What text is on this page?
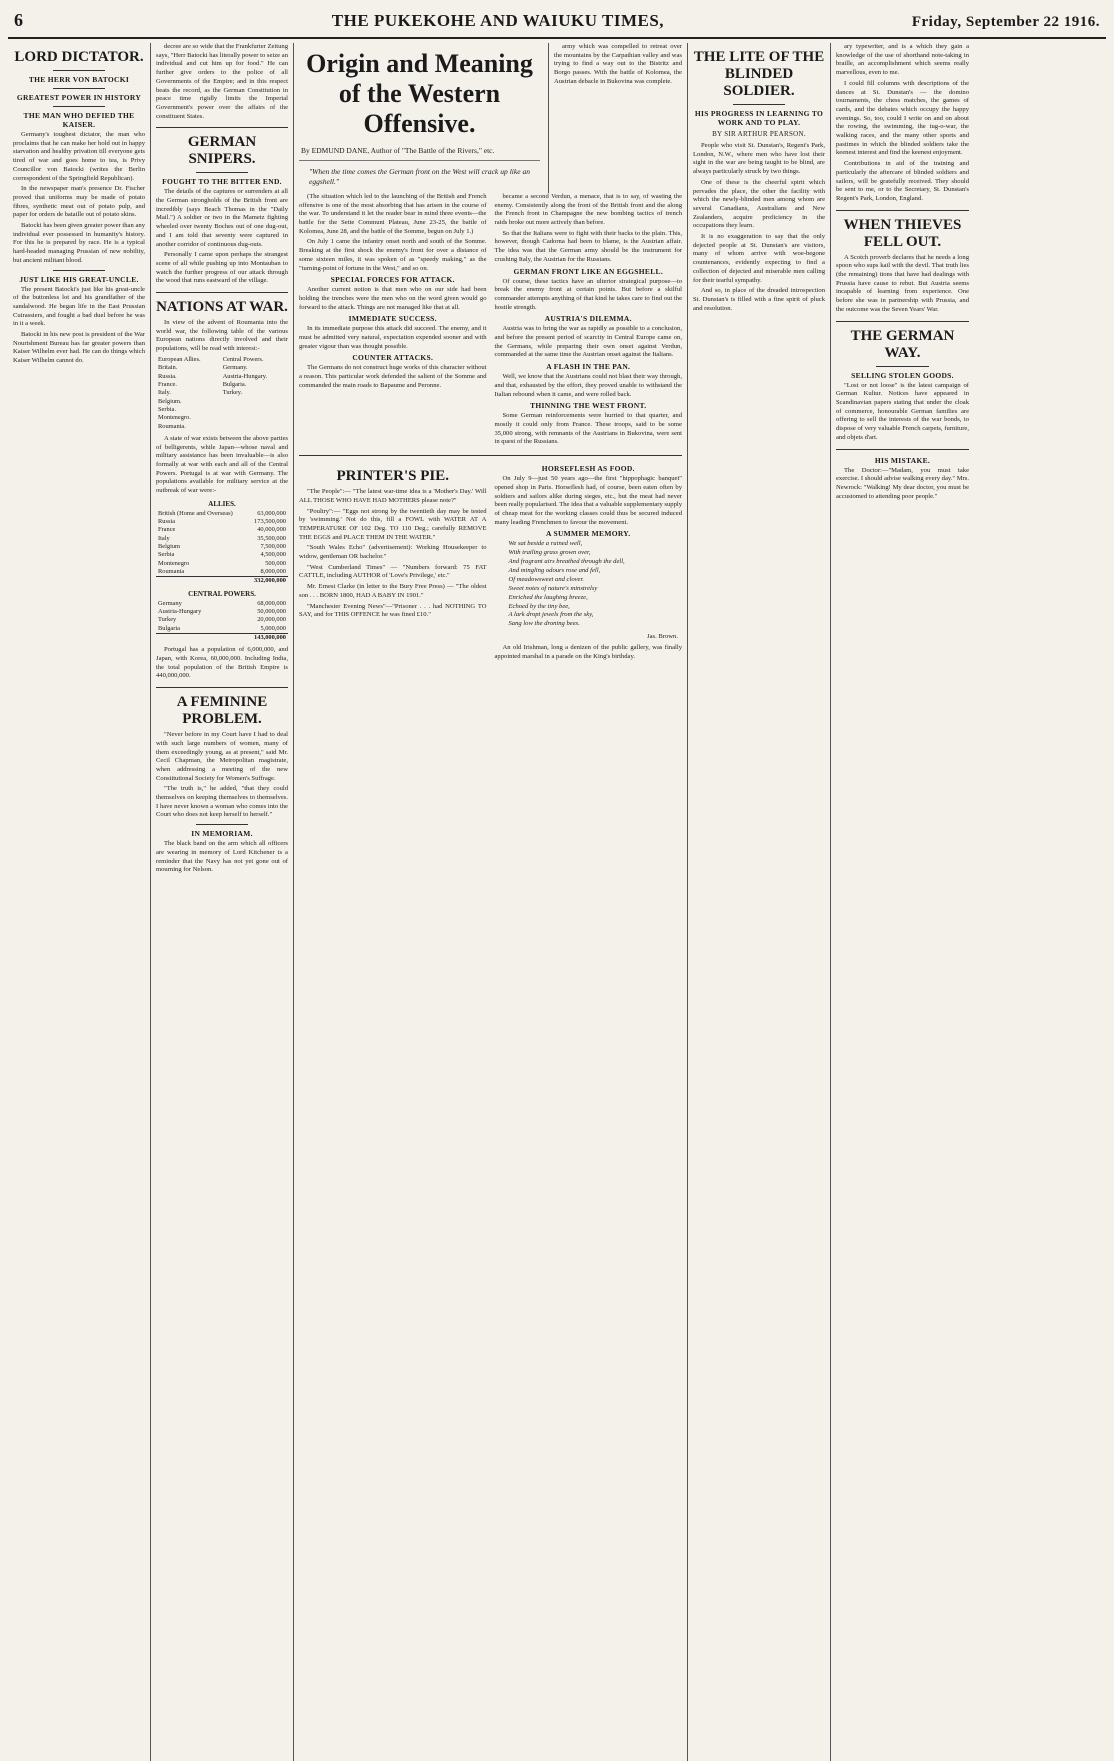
6	THE PUKEKOHE AND WAIUKU TIMES,	Friday, September 22 1916.
LORD DICTATOR.
THE HERR VON BATOCKI
GREATEST POWER IN HISTORY
THE MAN WHO DEFIED THE KAISER.

Germany's toughest dictator, the man who proclaims that he can make her hold out in happy starvation and healthy privation till everyone gets tired of war and goes home to tea, is Privy Councillor von Batocki (writes the Berlin correspondent of the Springfield Republican).

In the newspaper man's presence Dr. Fischer proved that uniforms may be made of potato fibres, synthetic meat out of potato pulp, and paper for orders de bataille out of potato skins.

Batocki has been given greater power than any individual ever possessed in humanity's history. For this he is prepared by race. He is a typical hard-headed managing Prussian of new nobility, but ancient militant blood.

JUST LIKE HIS GREAT-UNCLE.

The present Batocki's just like his great-uncle of the buttonless lot and his grandfather of the sandalwood. He began life in the East Prussian Cuirassiers, and fought a bad duel before he was in it a week.

Batocki in his new post is president of the War Nourishment Bureau has far greater powers than Kaiser Wilhelm ever had. He can do things which Kaiser Wilhelm cannot do.

decree are so wide that the Frankfurter Zeitung says, "Herr Batocki has literally power to seize an individual and cut him up for food." He can further give orders to the police of all Governments of the Empire; and in this respect beats the record, as the German Constitution in peace time rigidly limits the Imperial Government's power over the affairs of the constituent States.

GERMAN SNIPERS.
FOUGHT TO THE BITTER END.

The details of the captures or surrenders at all the German strongholds of the British front are incredibly (says Beach Thomas in the "Daily Mail.") A soldier or two in the Mametz fighting wheeled over twenty Boches out of one dug-out, and I am told that seventy were captured in another corridor of continuous dug-outs.

Personally I came upon perhaps the strangest scene of all while pushing up into Montauban to watch the further progress of our attack through the wood that runs eastward of the village.

NATIONS AT WAR.

In view of the advent of Roumania into the world war, the following table of the various European nations directly involved and their populations, will be read with interest:-

European Allies.	Central Powers.
Britain.	Germany.
Russia.	Austria-Hungary.
France.	Bulgaria.
Italy.	Turkey.
Belgium.	
Serbia.	
Montenegro.	
Roumania.	

A state of war exists between the above parties of belligerents, while Japan—whose naval and military assistance has been invaluable—is also formally at war with each and all of the Central Powers. Portugal is at war with Germany. The populations available for military service at the outbreak of war were:-

ALLIES.
British (Home and Overseas)	63,000,000
Russia	173,500,000
France	40,000,000
Italy	35,500,000
Belgium	7,500,000
Serbia	4,500,000
Montenegro	500,000
Roumania	8,000,000
	332,000,000
CENTRAL POWERS.
Germany	68,000,000
Austria-Hungary	50,000,000
Turkey	20,000,000
Bulgaria	5,000,000
	143,000,000

Portugal has a population of 6,000,000, and Japan, with Korea, 60,000,000. Including India, the total population of the British Empire is 440,000,000.

A FEMININE PROBLEM.

"Never before in my Court have I had to deal with such large numbers of women, many of them exceedingly young, as at present," said Mr. Cecil Chapman, the Metropolitan magistrate, when addressing a meeting of the new Constitutional Society for Women's Suffrage.

"The truth is," he added, "that they could themselves on keeping themselves to themselves. I have never known a woman who comes into the Court who does not keep herself to herself."

IN MEMORIAM.

The black band on the arm which all officers are wearing in memory of Lord Kitchener is a reminder that the Navy has not yet gone out of mourning for Nelson.

Origin and Meaning of the Western Offensive.
By EDMUND DANE, Author of "The Battle of the Rivers," etc.
"When the time comes the German front on the West will crack up like an eggshell."

army which was compelled to retreat over the mountains by the Carpathian valley and was trying to find a way out to the Bistritz and Borgo passes. With the battle of Kolomea, the Austrian debacle in Bukovina was complete.

(The situation which led to the launching of the British and French offensive is one of the most absorbing that has arisen in the course of the war. To understand it let the reader bear in mind three events—the battle for the Sette Communi Plateau, June 23-25, the battle of Kolomea, June 28, and the battle of the Somme, begun on July 1.)

On July 1 came the infantry onset north and south of the Somme. Breaking at the first shock the enemy's front for over a distance of some sixteen miles, it was spoken of as "speedy making," as the "turning-point of fortune in the West," and so on.

SPECIAL FORCES FOR ATTACK.

Another current notion is that men who on our side had been holding the trenches were the men who on the word given would go forward to the attack. Things are not managed like that at all.

IMMEDIATE SUCCESS.

In its immediate purpose this attack did succeed. The enemy, and it must be admitted very natural, expectation expended sooner and with greater vigour than was thought possible.

COUNTER ATTACKS.

The Germans do not construct huge works of this character without a reason. This particular work defended the salient of the Somme and commanded the main roads to Bapaume and Peronne.

became a second Verdun, a menace, that is to say, of wasting the enemy. Consistently along the front of the British front and the along the French front in Champagne the new bombing tactics of trench raids broke out more actively than before.

So that the Italians were to fight with their backs to the plain. This, however, though Cadorna had been to blame, is the Austrian affair. The idea was that the German army should be the instrument for crushing Italy, the Austrian for the Russians.

GERMAN FRONT LIKE AN EGGSHELL.

Of course, these tactics have an ulterior strategical purpose—to break the enemy front at certain points. But before a skilful commander attempts anything of that kind he takes care to find out the hostile strength.

AUSTRIA'S DILEMMA.

Austria was to bring the war as rapidly as possible to a conclusion, and before the present period of scarcity in Central Europe came on, the Germans, while preparing their own onset against Verdun, commanded at the same time the Austrian onset against the Italians.

A FLASH IN THE PAN.

Well, we know that the Austrians could not blast their way through, and that, exhausted by the effort, they proved unable to withstand the Italian rebound when it came, and were rolled back.

THINNING THE WEST FRONT.

Some German reinforcements were hurried to that quarter, and mostly it could only from France. These troops, said to be some 35,000 strong, with remnants of the Austrians in Bukovina, were sent in quest of the Russians.

PRINTER'S PIE.

"The People":— "The latest war-time idea is a 'Mother's Day.' Will ALL THOSE WHO HAVE HAD MOTHERS please note?"

"Poultry":— "Eggs not strong by the twentieth day may be tested by 'swimming.' Not do this, fill a FOWL with WATER AT A TEMPERATURE OF 102 Deg. TO 110 Deg.; carefully REMOVE THE EGGS and PLACE THEM IN THE WATER."

"South Wales Echo" (advertisement): Working Housekeeper to widow, gentleman OR bachelor."

"West Cumberland Times" — "Numbers forward: 75 FAT CATTLE, including AUTHOR of 'Love's Privilege,' etc."

Mr. Ernest Clarke (in letter to the Bury Free Press) — "The oldest son . . . BORN 1800, HAD A BABY IN 1901."

"Manchester Evening News"—"Prisoner . . . had NOTHING TO SAY, and for THIS OFFENCE he was fined £10."

HORSEFLESH AS FOOD.

On July 9—just 50 years ago—the first "hippophagic banquet" opened shop in Paris. Horseflesh had, of course, been eaten often by soldiers and sailors alike during sieges, etc., but the meat had never been really popularised. The idea that a valuable supplementary supply of cheap meat for the working classes could thus be secured induced many leading Frenchmen to favour the movement.

A SUMMER MEMORY.
We sat beside a ruined well,
With trailing grass grown over,
And fragrant airs breathed through the dell,
And mingling odours rose and fell,
Of meadowsweet and clover.
Sweet notes of nature's minstrelsy
Enriched the laughing breeze,
Echoed by the tiny bee,
A lark dropt jewels from the sky,
Sang low the droning bees.
Jas. Brown.

An old Irishman, long a denizen of the public gallery, was finally appointed marshal in a parade on the King's birthday.

THE LITE OF THE BLINDED SOLDIER.
HIS PROGRESS IN LEARNING TO WORK AND TO PLAY.
BY SIR ARTHUR PEARSON.

People who visit St. Dunstan's, Regent's Park, London, N.W., where men who have lost their sight in the war are being taught to be blind, are always particularly struck by two things.

One of these is the cheerful spirit which pervades the place, the other the facility with which the newly-blinded men among whom are several Canadians, Australians and New Zealanders, acquire proficiency in the occupations they learn.

It is no exaggeration to say that the only dejected people at St. Dunstan's are visitors, many of whom arrive with woe-begone countenances, evidently expecting to find a collection of dejected and miserable men calling for their tearful sympathy.

And so, in place of the dreaded introspection St. Dunstan's is filled with a fine spirit of pluck and resolution.

ary typewriter, and is a which they gain a knowledge of the use of shorthand note-taking in braille, an accomplishment which seems really marvellous, even to me.

I could fill columns with descriptions of the dances at St. Dunstan's — the domino tournaments, the chess matches, the games of cards, and the debates which occupy the happy evenings. So, too, could I write on and on about the rowing, the swimming, the tug-o-war, the walking races, and the many other sports and pastimes in which the blinded soldiers take the keenest interest and find the keenest enjoyment.

Contributions in aid of the training and particularly the aftercare of blinded soldiers and sailors, will be gratefully received. They should be sent to me, or to the Secretary, St. Dunstan's Regent's Park, London, England.

WHEN THIEVES FELL OUT.

A Scotch proverb declares that he needs a long spoon who sups kail with the devil. That truth lies (the remaining) tions that have had dealings with Prussia have cause to rebut. But Austria seems incapable of learning from experience. One before she was in partnership with Prussia, and the outcome was the Seven Years' War.

THE GERMAN WAY.
SELLING STOLEN GOODS.

"Lost or not loose" is the latest campaign of German Kultur. Notices have appeared in Scandinavian papers stating that under the cloak of commerce, honourable German families are offering to sell the interests of the war bonds, to dispose of very valuable French carpets, furniture, and objets d'art.

HIS MISTAKE.

The Doctor:—"Madam, you must take exercise. I should advise walking every day." Mrs. Newrock: "Walking! My dear doctor, you must be accustomed to attending poor people."
